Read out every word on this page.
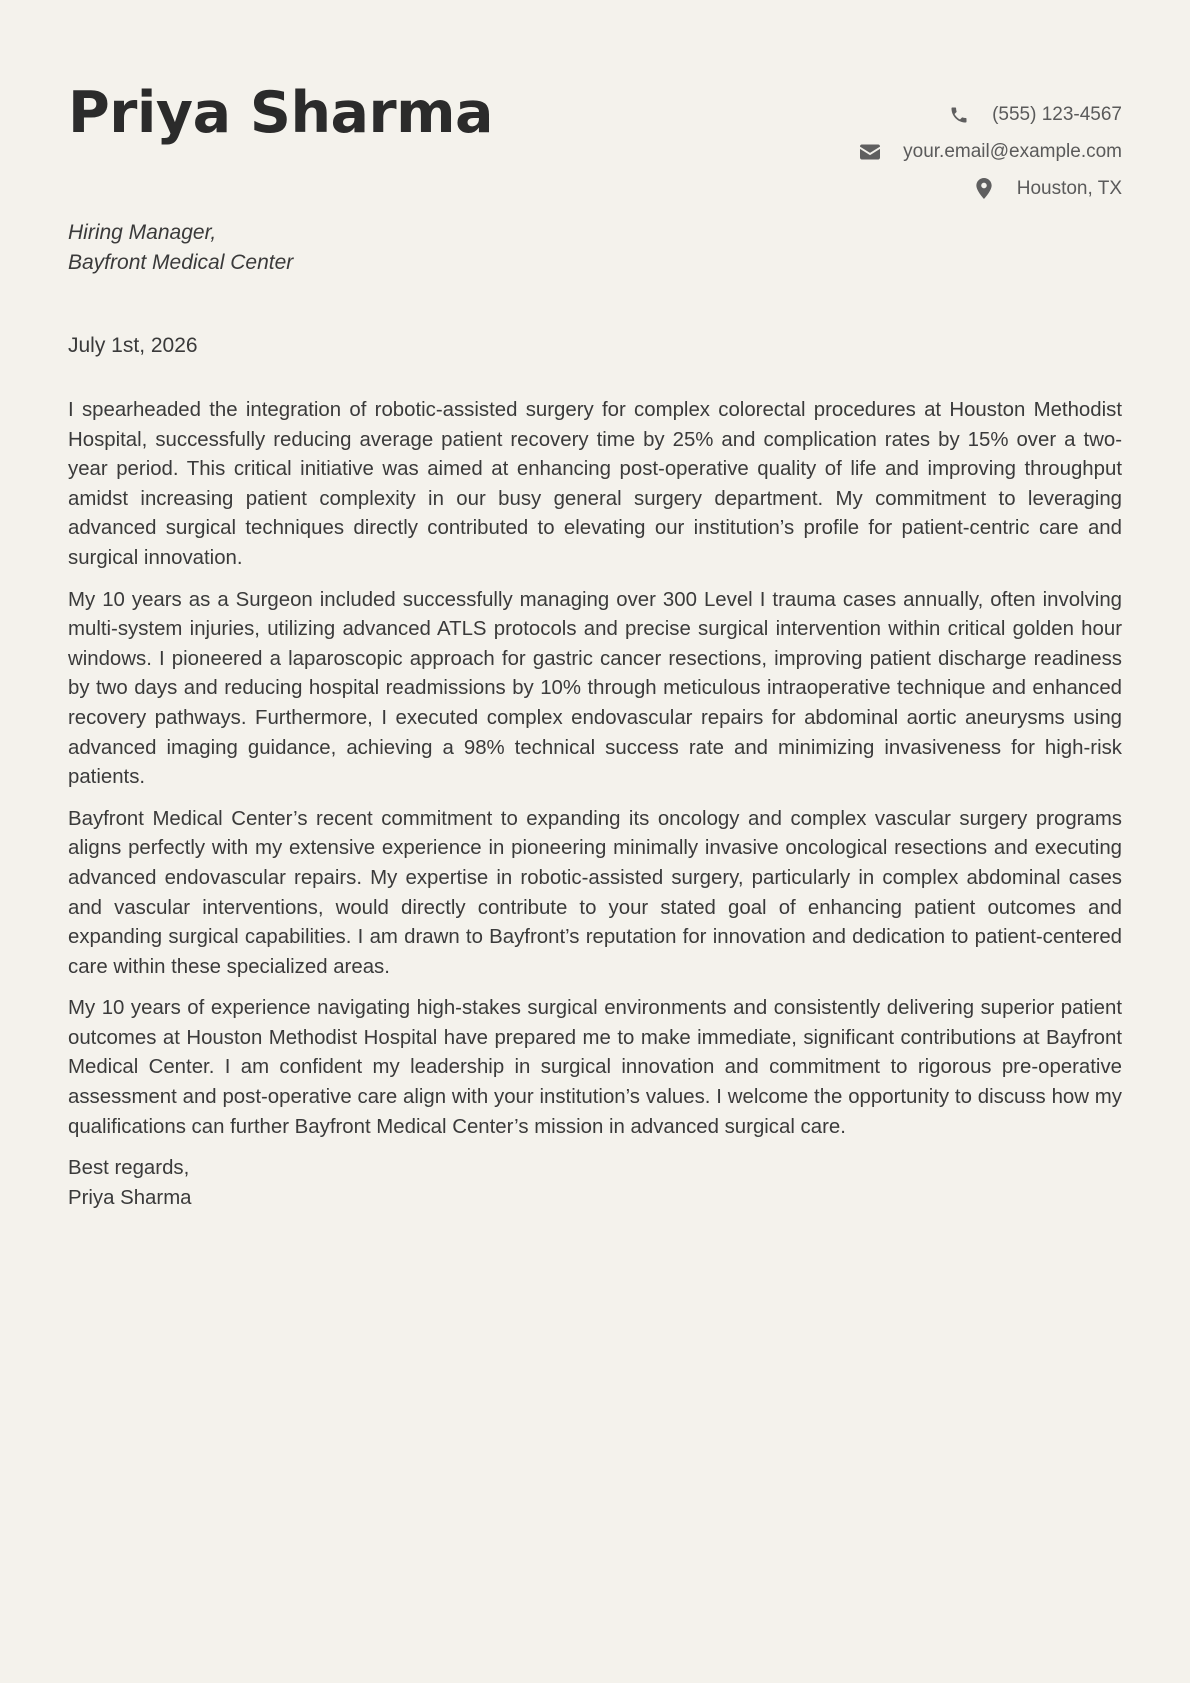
Priya Sharma	(555) 123-4567
your.email@example.com
Houston, TX
Hiring Manager,
Bayfront Medical Center
July 1st, 2026

I spearheaded the integration of robotic-assisted surgery for complex colorectal procedures at Houston Methodist Hospital, successfully reducing average patient recovery time by 25% and complication rates by 15% over a two-year period. This critical initiative was aimed at enhancing post-operative quality of life and improving throughput amidst increasing patient complexity in our busy general surgery department. My commitment to leveraging advanced surgical techniques directly contributed to elevating our institution’s profile for patient-centric care and surgical innovation.

My 10 years as a Surgeon included successfully managing over 300 Level I trauma cases annually, often involving multi-system injuries, utilizing advanced ATLS protocols and precise surgical intervention within critical golden hour windows. I pioneered a laparoscopic approach for gastric cancer resections, improving patient discharge readiness by two days and reducing hospital readmissions by 10% through meticulous intraoperative technique and enhanced recovery pathways. Furthermore, I executed complex endovascular repairs for abdominal aortic aneurysms using advanced imaging guidance, achieving a 98% technical success rate and minimizing invasiveness for high-risk patients.

Bayfront Medical Center’s recent commitment to expanding its oncology and complex vascular surgery programs aligns perfectly with my extensive experience in pioneering minimally invasive oncological resections and executing advanced endovascular repairs. My expertise in robotic-assisted surgery, particularly in complex abdominal cases and vascular interventions, would directly contribute to your stated goal of enhancing patient outcomes and expanding surgical capabilities. I am drawn to Bayfront’s reputation for innovation and dedication to patient-centered care within these specialized areas.

My 10 years of experience navigating high-stakes surgical environments and consistently delivering superior patient outcomes at Houston Methodist Hospital have prepared me to make immediate, significant contributions at Bayfront Medical Center. I am confident my leadership in surgical innovation and commitment to rigorous pre-operative assessment and post-operative care align with your institution’s values. I welcome the opportunity to discuss how my qualifications can further Bayfront Medical Center’s mission in advanced surgical care.

Best regards,
Priya Sharma
